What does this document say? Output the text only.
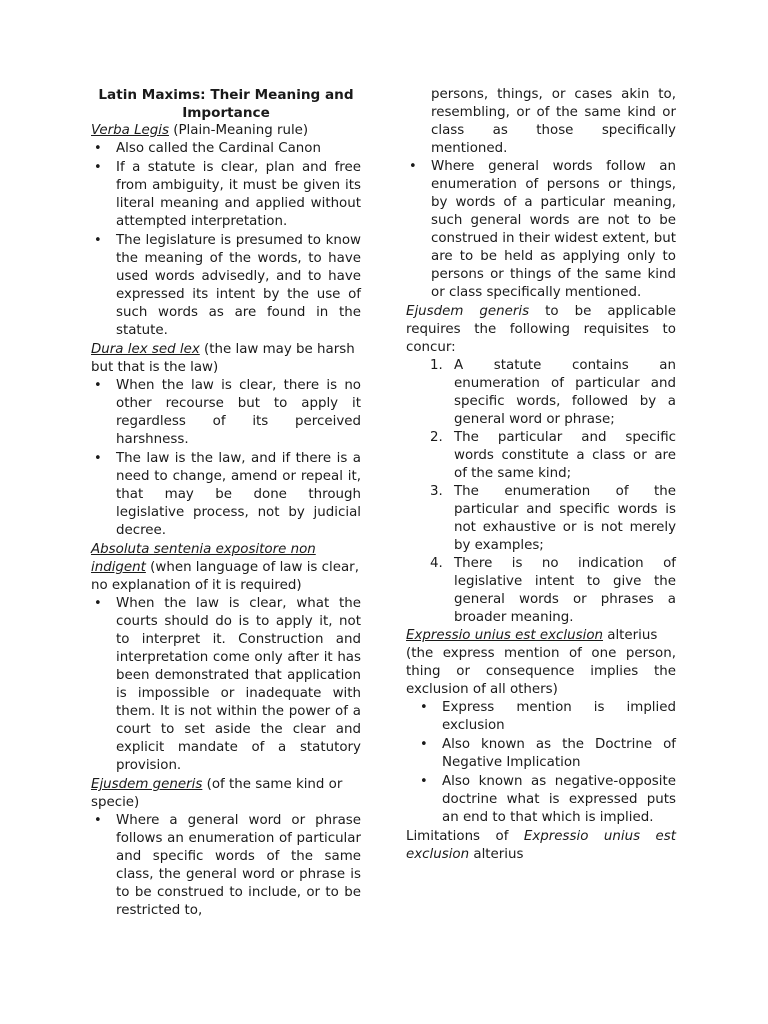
Latin Maxims: Their Meaning and Importance

Verba Legis (Plain-Meaning rule)

• Also called the Cardinal Canon
• If a statute is clear, plan and free from ambiguity, it must be given its literal meaning and applied without attempted interpretation.
• The legislature is presumed to know the meaning of the words, to have used words advisedly, and to have expressed its intent by the use of such words as are found in the statute.

Dura lex sed lex (the law may be harsh but that is the law)

• When the law is clear, there is no other recourse but to apply it regardless of its perceived harshness.
• The law is the law, and if there is a need to change, amend or repeal it, that may be done through legislative process, not by judicial decree.

Absoluta sentenia expositore non indigent (when language of law is clear, no explanation of it is required)

• When the law is clear, what the courts should do is to apply it, not to interpret it. Construction and interpretation come only after it has been demonstrated that application is impossible or inadequate with them. It is not within the power of a court to set aside the clear and explicit mandate of a statutory provision.

Ejusdem generis (of the same kind or specie)

• Where a general word or phrase follows an enumeration of particular and specific words of the same class, the general word or phrase is to be construed to include, or to be restricted to,

persons, things, or cases akin to, resembling, or of the same kind or class as those specifically mentioned.

• Where general words follow an enumeration of persons or things, by words of a particular meaning, such general words are not to be construed in their widest extent, but are to be held as applying only to persons or things of the same kind or class specifically mentioned.

Ejusdem generis to be applicable requires the following requisites to concur:

1. A statute contains an enumeration of particular and specific words, followed by a general word or phrase;
2. The particular and specific words constitute a class or are of the same kind;
3. The enumeration of the particular and specific words is not exhaustive or is not merely by examples;
4. There is no indication of legislative intent to give the general words or phrases a broader meaning.

Expressio unius est exclusion alterius

(the express mention of one person, thing or consequence implies the exclusion of all others)

• Express mention is implied exclusion
• Also known as the Doctrine of Negative Implication
• Also known as negative-opposite doctrine what is expressed puts an end to that which is implied.

Limitations of Expressio unius est exclusion alterius
